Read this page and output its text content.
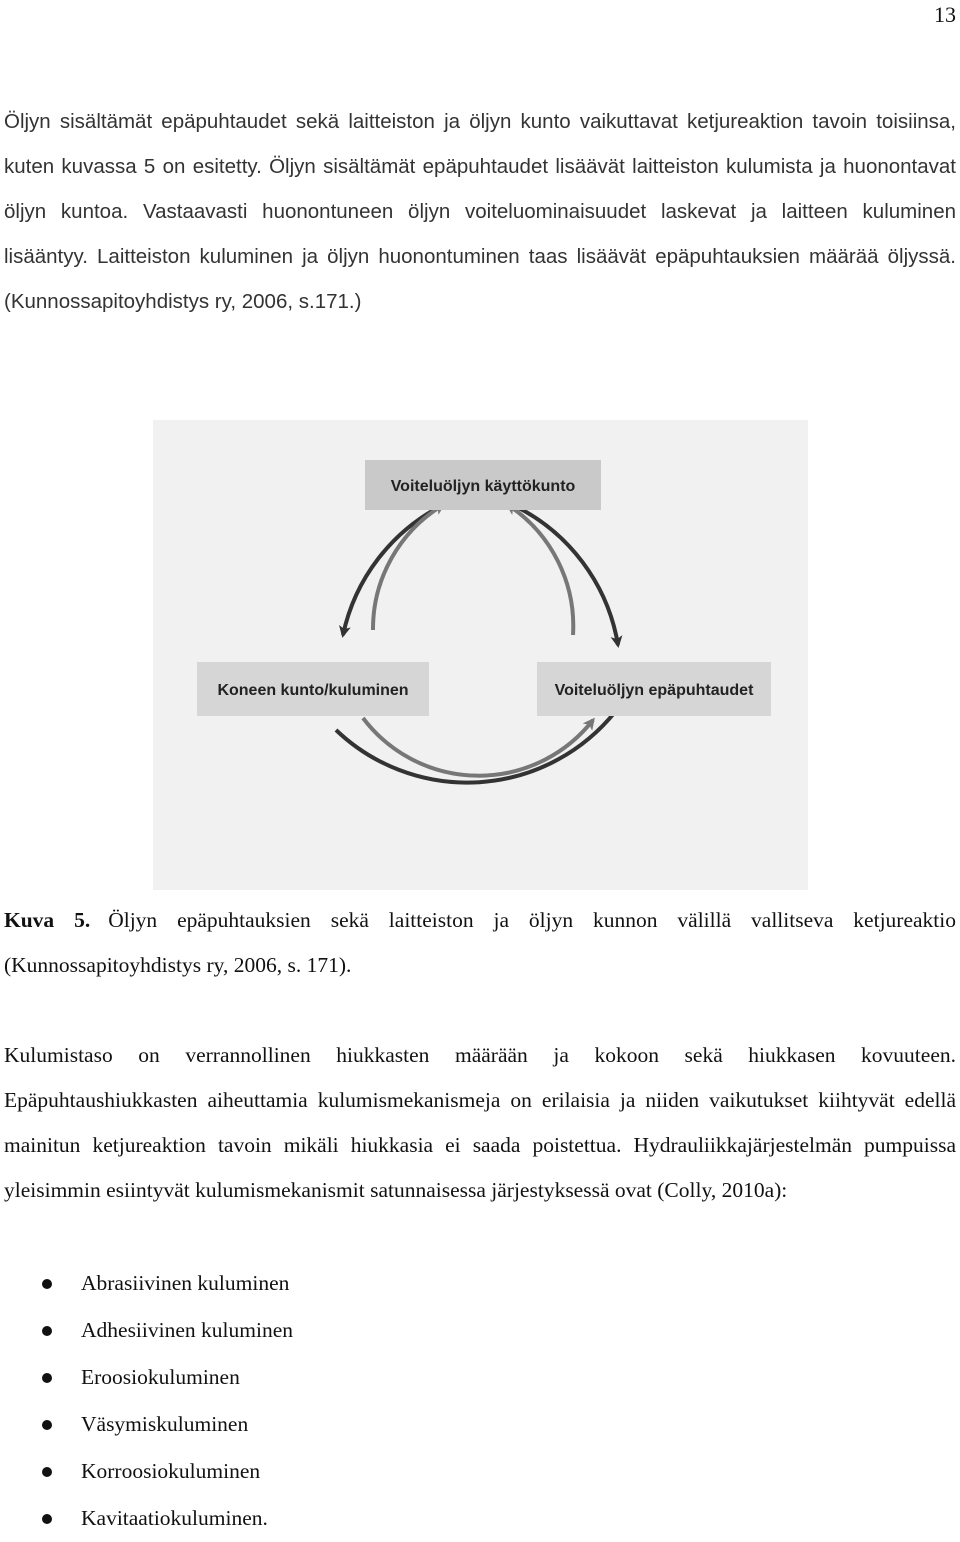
13

Öljyn sisältämät epäpuhtaudet sekä laitteiston ja öljyn kunto vaikuttavat ketjureaktion tavoin toisiinsa, kuten kuvassa 5 on esitetty. Öljyn sisältämät epäpuhtaudet lisäävät laitteiston kulumista ja huonontavat öljyn kuntoa. Vastaavasti huonontuneen öljyn voiteluominaisuudet laskevat ja laitteen kuluminen lisääntyy. Laitteiston kuluminen ja öljyn huonontuminen taas lisäävät epäpuhtauksien määrää öljyssä. (Kunnossapitoyhdistys ry, 2006, s.171.)

Voiteluöljyn käyttökunto
Koneen kunto/kuluminen	Voiteluöljyn epäpuhtaudet

Kuva 5. Öljyn epäpuhtauksien sekä laitteiston ja öljyn kunnon välillä vallitseva ketjureaktio (Kunnossapitoyhdistys ry, 2006, s. 171).

Kulumistaso on verrannollinen hiukkasten määrään ja kokoon sekä hiukkasen kovuuteen. Epäpuhtaushiukkasten aiheuttamia kulumismekanismeja on erilaisia ja niiden vaikutukset kiihtyvät edellä mainitun ketjureaktion tavoin mikäli hiukkasia ei saada poistettua. Hydrauliikkajärjestelmän pumpuissa yleisimmin esiintyvät kulumismekanismit satunnaisessa järjestyksessä ovat (Colly, 2010a):

Abrasiivinen kuluminen
Adhesiivinen kuluminen
Eroosiokuluminen
Väsymiskuluminen
Korroosiokuluminen
Kavitaatiokuluminen.
